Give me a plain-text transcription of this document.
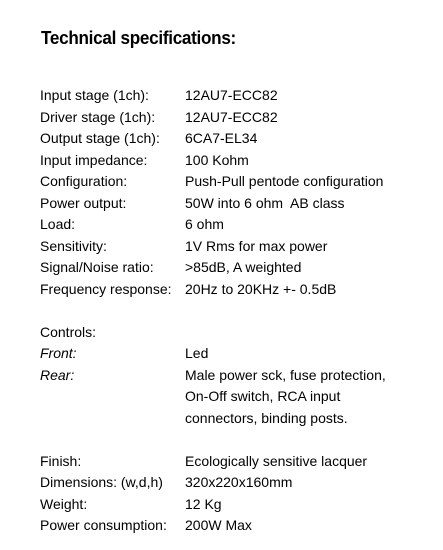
Technical specifications:
Input stage (1ch):	12AU7-ECC82
Driver stage (1ch):	12AU7-ECC82
Output stage (1ch):	6CA7-EL34
Input impedance:	100 Kohm
Configuration:	Push-Pull pentode configuration
Power output:	50W into 6 ohm  AB class
Load:	6 ohm
Sensitivity:	1V Rms for max power
Signal/Noise ratio:	>85dB, A weighted
Frequency response: 20Hz to 20KHz +- 0.5dB
Controls:
Front:	Led
Rear:	Male power sck, fuse protection,
On-Off switch, RCA input
connectors, binding posts.
Finish:	Ecologically sensitive lacquer
Dimensions: (w,d,h)	320x220x160mm
Weight:	12 Kg
Power consumption:	200W Max
